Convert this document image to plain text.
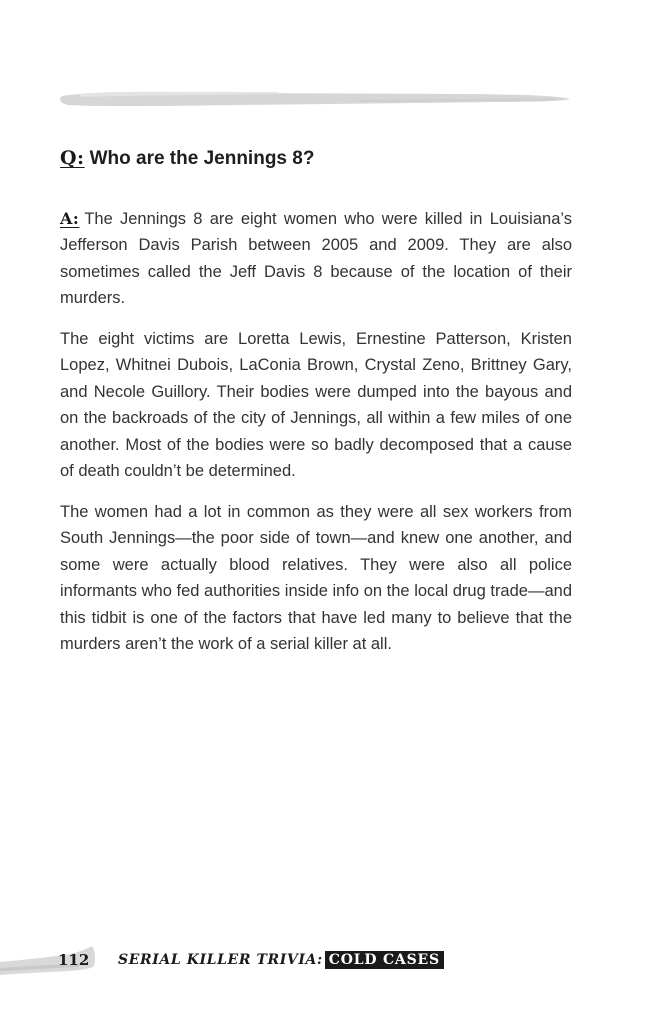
Q: Who are the Jennings 8?

A: The Jennings 8 are eight women who were killed in Louisiana’s Jefferson Davis Parish between 2005 and 2009. They are also sometimes called the Jeff Davis 8 because of the location of their murders.

The eight victims are Loretta Lewis, Ernestine Patterson, Kristen Lopez, Whitnei Dubois, LaConia Brown, Crystal Zeno, Brittney Gary, and Necole Guillory. Their bodies were dumped into the bayous and on the backroads of the city of Jennings, all within a few miles of one another. Most of the bodies were so badly decomposed that a cause of death couldn’t be determined.

The women had a lot in common as they were all sex workers from South Jennings—the poor side of town—and knew one another, and some were actually blood relatives. They were also all police informants who fed authorities inside info on the local drug trade—and this tidbit is one of the factors that have led many to believe that the murders aren’t the work of a serial killer at all.

112 SERIAL KILLER TRIVIA: COLD CASES
